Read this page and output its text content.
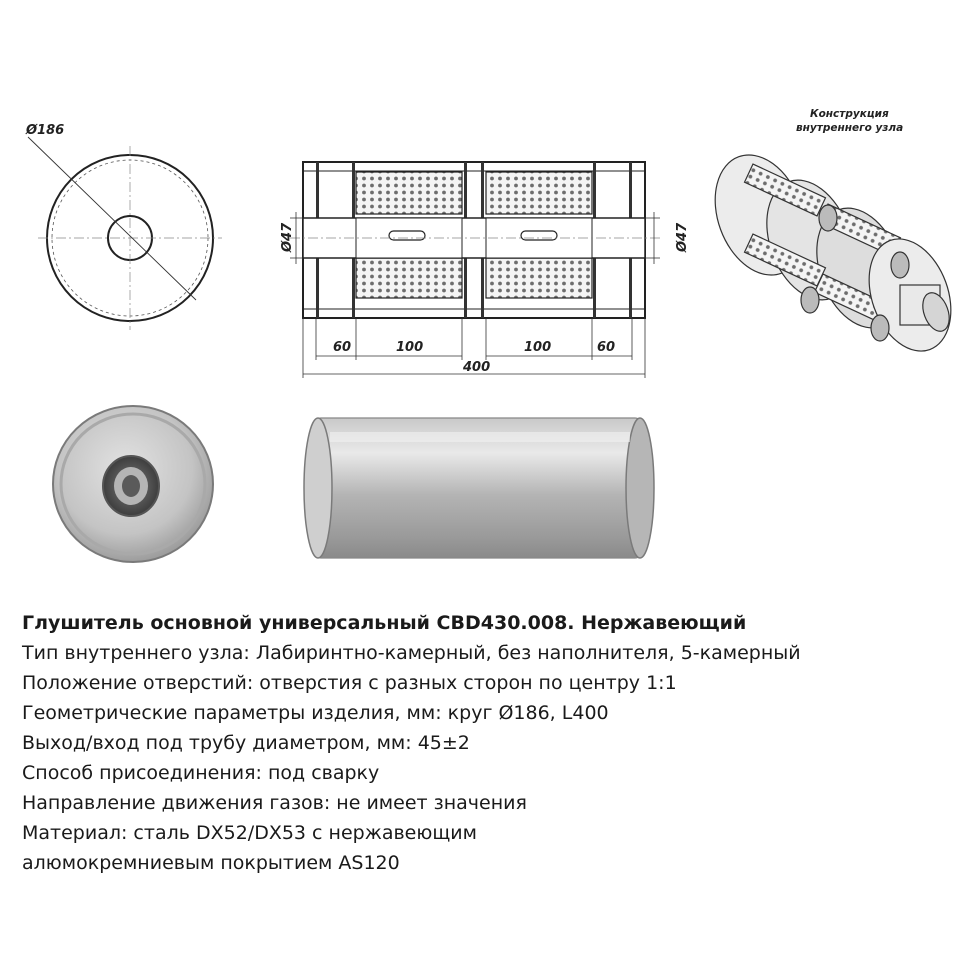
Ø186
Ø47	Ø47
60	100	100	60
400
Конструкция
внутреннего узла
Глушитель основной универсальный CBD430.008. Нержавеющий
Тип внутреннего узла: Лабиринтно-камерный, без наполнителя, 5-камерный
Положение отверстий: отверстия с разных сторон по центру 1:1
Геометрические параметры изделия, мм: круг Ø186, L400
Выход/вход под трубу диаметром, мм: 45±2
Способ присоединения: под сварку
Направление движения газов: не имеет значения
Материал: сталь DX52/DX53 с нержавеющим
алюмокремниевым покрытием AS120
